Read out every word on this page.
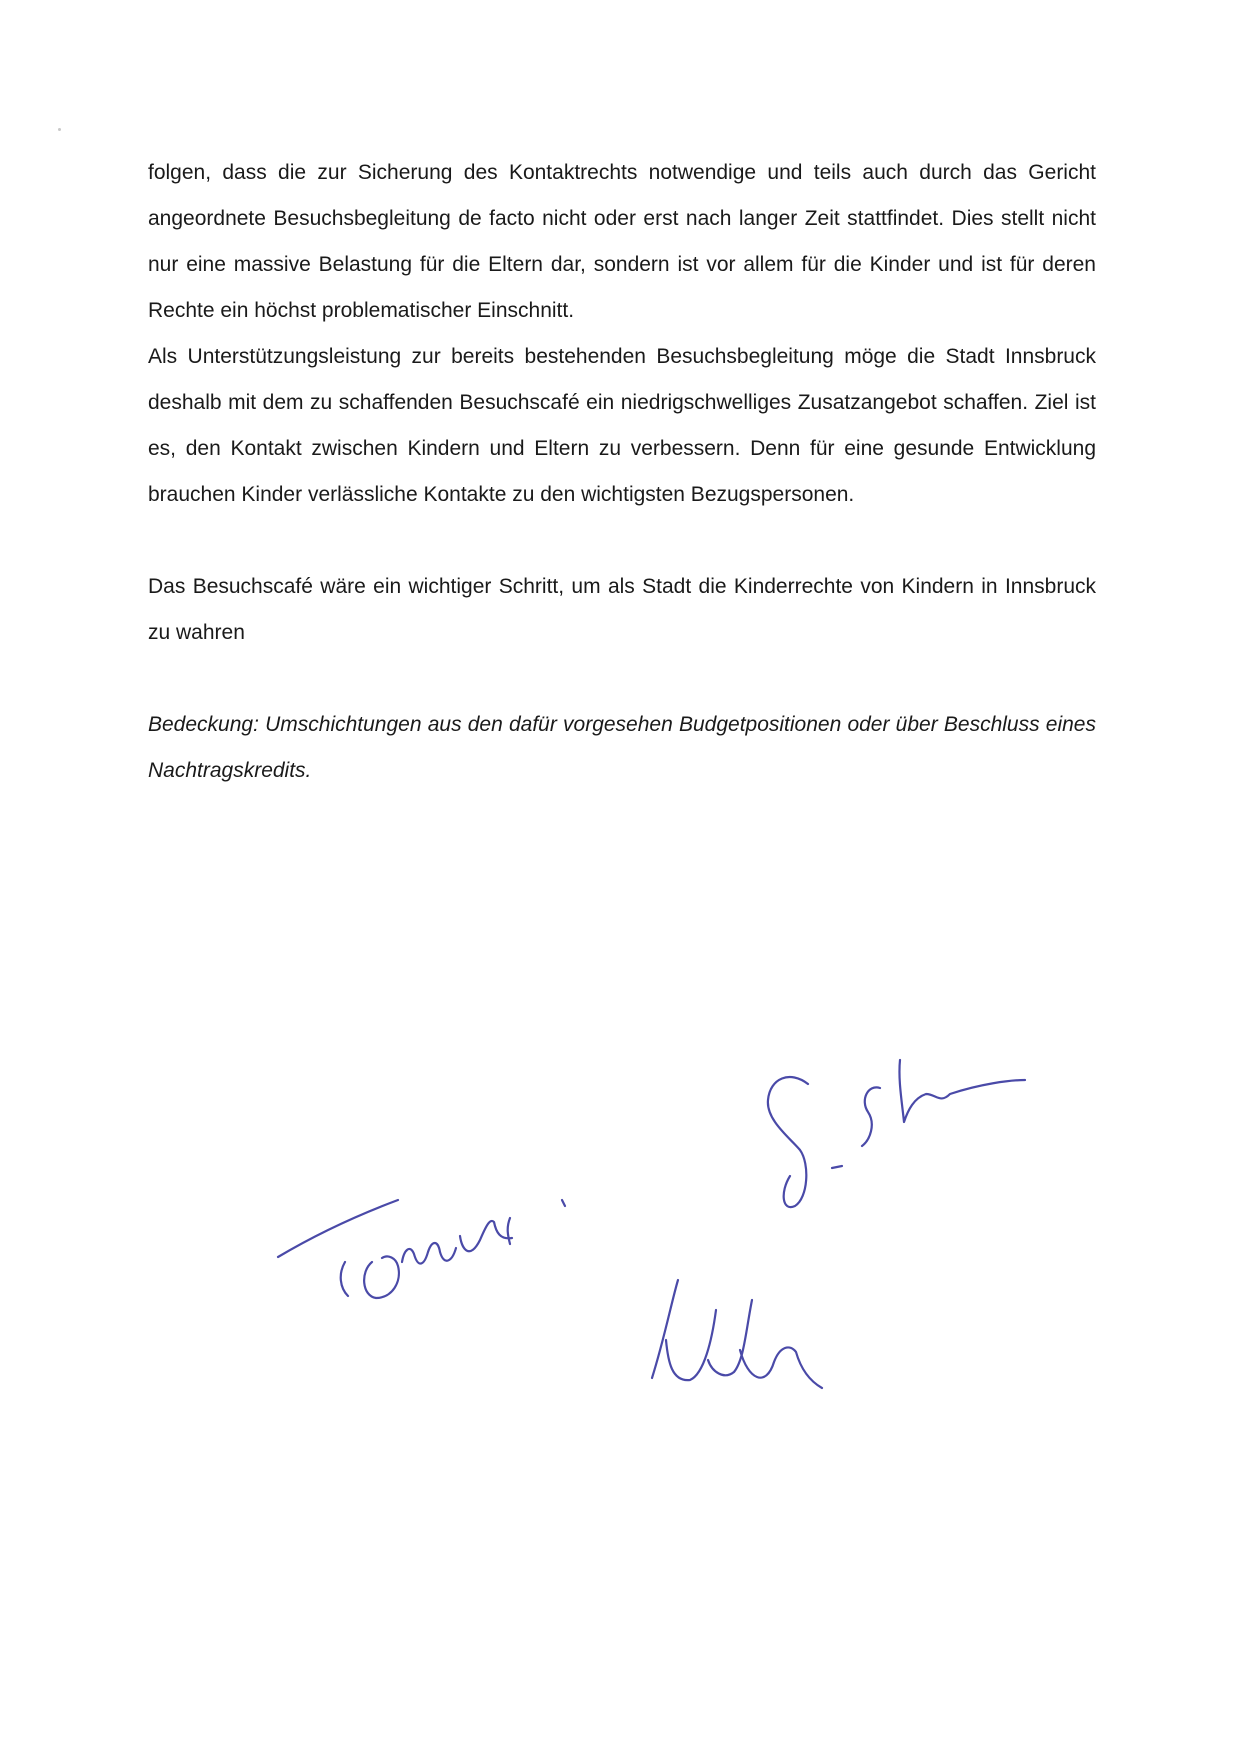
folgen, dass die zur Sicherung des Kontaktrechts notwendige und teils auch durch das Gericht angeordnete Besuchsbegleitung de facto nicht oder erst nach langer Zeit stattfindet. Dies stellt nicht nur eine massive Belastung für die Eltern dar, sondern ist vor allem für die Kinder und ist für deren Rechte ein höchst problematischer Einschnitt.

Als Unterstützungsleistung zur bereits bestehenden Besuchsbegleitung möge die Stadt Innsbruck deshalb mit dem zu schaffenden Besuchscafé ein niedrigschwelliges Zusatzangebot schaffen. Ziel ist es, den Kontakt zwischen Kindern und Eltern zu verbessern. Denn für eine gesunde Entwicklung brauchen Kinder verlässliche Kontakte zu den wichtigsten Bezugspersonen.

Das Besuchscafé wäre ein wichtiger Schritt, um als Stadt die Kinderrechte von Kindern in Innsbruck zu wahren

Bedeckung: Umschichtungen aus den dafür vorgesehen Budgetpositionen oder über Beschluss eines Nachtragskredits.
